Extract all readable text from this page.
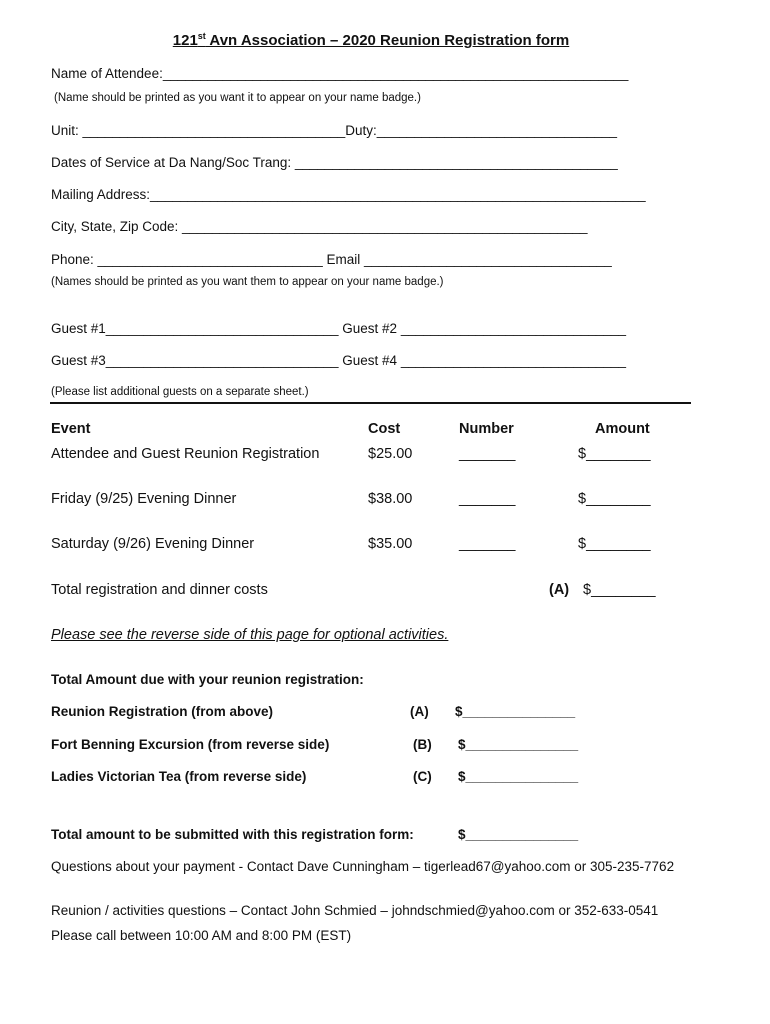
121st Avn Association – 2020 Reunion Registration form
Name of Attendee:______________________________________________________________
(Name should be printed as you want it to appear on your name badge.)
Unit: ___________________________________Duty:________________________________
Dates of Service at Da Nang/Soc Trang: ___________________________________________
Mailing Address:__________________________________________________________________
City, State, Zip Code: ______________________________________________________
Phone: ______________________________ Email _________________________________
(Names should be printed as you want them to appear on your name badge.)
Guest #1_______________________________ Guest #2 ______________________________
Guest #3_______________________________ Guest #4 ______________________________
(Please list additional guests on a separate sheet.)
Event	Cost	Number	Amount
Attendee and Guest Reunion Registration	$25.00	_______	$________
Friday (9/25) Evening Dinner	$38.00	_______	$________
Saturday (9/26) Evening Dinner	$35.00	_______	$________
Total registration and dinner costs	(A) $________
Please see the reverse side of this page for optional activities.
Total Amount due with your reunion registration:
Reunion Registration (from above)	(A) $_______________
Fort Benning Excursion (from reverse side)	(B) $_______________
Ladies Victorian Tea (from reverse side)	(C) $_______________
Total amount to be submitted with this registration form:	$_______________
Questions about your payment - Contact Dave Cunningham – tigerlead67@yahoo.com or 305-235-7762
Reunion / activities questions – Contact John Schmied – johndschmied@yahoo.com or 352-633-0541
Please call between 10:00 AM and 8:00 PM (EST)
